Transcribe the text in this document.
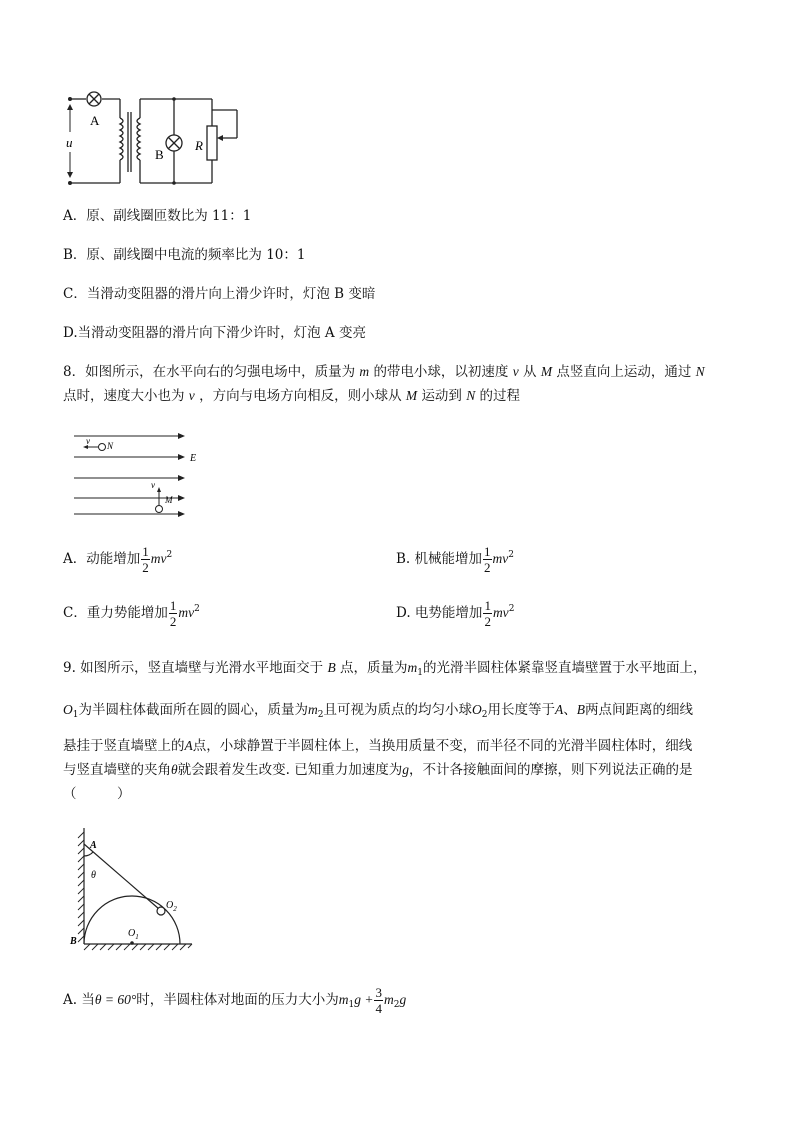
A
u
B
R
A．原、副线圈匝数比为 11：1
B．原、副线圈中电流的频率比为 10：1
C．当滑动变阻器的滑片向上滑少许时，灯泡 B 变暗
D.当滑动变阻器的滑片向下滑少许时，灯泡 A 变亮
8．如图所示，在水平向右的匀强电场中，质量为 m 的带电小球，以初速度 v 从 M 点竖直向上运动，通过 N
点时，速度大小也为 v ，方向与电场方向相反，则小球从 M 运动到 N 的过程
v N
E
v
M
A．动能增加 $\frac{1}{2} mv^2$	B. 机械能增加 $\frac{1}{2} mv^2$
C．重力势能增加 $\frac{1}{2} mv^2$	D. 电势能增加 $\frac{1}{2} mv^2$
9. 如图所示，竖直墙壁与光滑水平地面交于 B 点，质量为$m_1$的光滑半圆柱体紧靠竖直墙壁置于水平地面上，
$O_1$为半圆柱体截面所在圆的圆心，质量为$m_2$且可视为质点的均匀小球$O_2$用长度等于A、B两点间距离的细线
悬挂于竖直墙壁上的A点，小球静置于半圆柱体上，当换用质量不变，而半径不同的光滑半圆柱体时，细线
与竖直墙壁的夹角θ就会跟着发生改变. 已知重力加速度为g，不计各接触面间的摩擦，则下列说法正确的是
（　　　）
A
θ
$O_2$
$O_1$
B
A. 当θ = 60°时，半圆柱体对地面的压力大小为$m_1g + \frac{3}{4} m_2g$
